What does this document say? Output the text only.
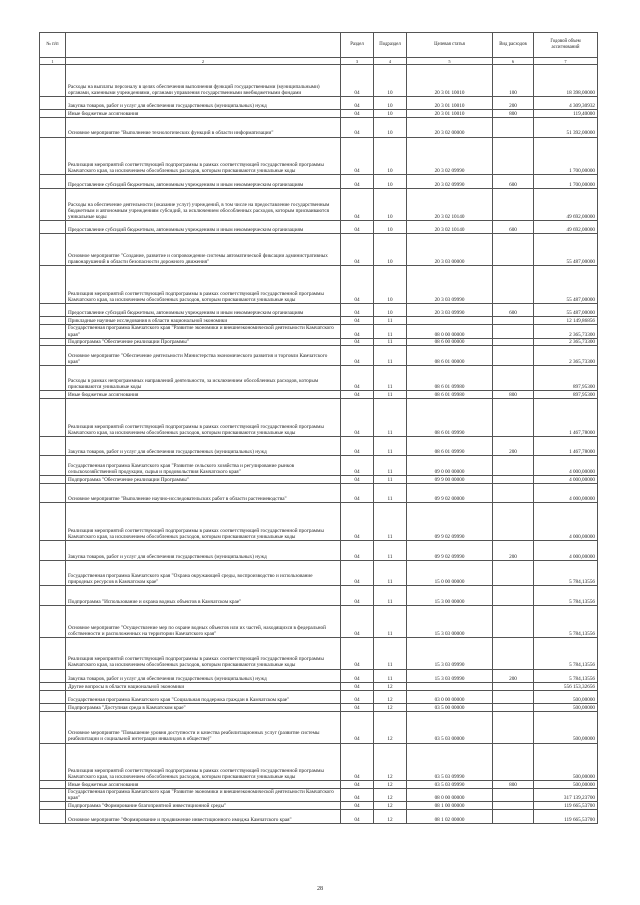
№ п/п		Раздел	Подраздел	Целевая статья	Вид расходов	Годовой объем ассигнований
1	2	3	4	5	6	7
	Расходы на выплаты персоналу в целях обеспечения выполнения функций государственными (муниципальными) органами, казенными учреждениями, органами управления государственными внебюджетными фондами	04	10	20 3 01 10010	100	18 398,00000
	Закупка товаров, работ и услуг для обеспечения государственных (муниципальных) нужд	04	10	20 3 01 10010	200	4 309,30932
	Иные бюджетные ассигнования	04	10	20 3 01 10010	800	119,40000
	Основное мероприятие "Выполнение технологических функций в области информатизации"	04	10	20 3 02 00000		51 392,00000
	Реализация мероприятий соответствующей подпрограммы в рамках соответствующей государственной программы Камчатского края, за исключением обособленных расходов, которым присваиваются уникальные коды	04	10	20 3 02 09990		1 700,00000
	Предоставление субсидий бюджетным, автономным учреждениям и иным некоммерческим организациям	04	10	20 3 02 09990	600	1 700,00000
	Расходы на обеспечение деятельности (оказание услуг) учреждений, в том числе на предоставление государственным бюджетным и автономным учреждениям субсидий, за исключением обособленных расходов, которым присваиваются уникальные коды	04	10	20 3 02 10140		49 692,00000
	Предоставление субсидий бюджетным, автономным учреждениям и иным некоммерческим организациям	04	10	20 3 02 10140	600	49 692,00000
	Основное мероприятие "Создание, развитие и сопровождение системы автоматической фиксации административных правонарушений в области безопасности дорожного движения"	04	10	20 3 03 00000		55 487,00000
	Реализация мероприятий соответствующей подпрограммы в рамках соответствующей государственной программы Камчатского края, за исключением обособленных расходов, которым присваиваются уникальные коды	04	10	20 3 03 09990		55 487,00000
	Предоставление субсидий бюджетным, автономным учреждениям и иным некоммерческим организациям	04	10	20 3 03 09990	600	55 487,00000
	Прикладные научные исследования в области национальной экономики	04	11			12 149,86856
	Государственная программа Камчатского края "Развитие экономики и внешнеэкономической деятельности Камчатского края"	04	11	08 0 00 00000		2 365,73300
	Подпрограмма "Обеспечение реализации Программы"	04	11	08 6 00 00000		2 365,73300
	Основное мероприятие "Обеспечение деятельности Министерства экономического развития и торговли Камчатского края"	04	11	08 6 01 00000		2 365,73300
	Расходы в рамках непрограммных направлений деятельности, за исключением обособленных расходов, которым присваиваются уникальные коды	04	11	08 6 01 09980		897,95300
	Иные бюджетные ассигнования	04	11	08 6 01 09980	800	897,95300
	Реализация мероприятий соответствующей подпрограммы в рамках соответствующей государственной программы Камчатского края, за исключением обособленных расходов, которым присваиваются уникальные коды	04	11	08 6 01 09990		1 467,78000
	Закупка товаров, работ и услуг для обеспечения государственных (муниципальных) нужд	04	11	08 6 01 09990	200	1 467,78000
	Государственная программа Камчатского края "Развитие сельского хозяйства и регулирование рынков сельскохозяйственной продукции, сырья и продовольствия Камчатского края"	04	11	09 0 00 00000		4 000,00000
	Подпрограмма "Обеспечение реализации Программы"	04	11	09 9 00 00000		4 000,00000
	Основное мероприятие "Выполнение научно-исследовательских работ в области растениеводства"	04	11	09 9 02 00000		4 000,00000
	Реализация мероприятий соответствующей подпрограммы в рамках соответствующей государственной программы Камчатского края, за исключением обособленных расходов, которым присваиваются уникальные коды	04	11	09 9 02 09990		4 000,00000
	Закупка товаров, работ и услуг для обеспечения государственных (муниципальных) нужд	04	11	09 9 02 09990	200	4 000,00000
	Государственная программа Камчатского края "Охрана окружающей среды, воспроизводство и использование природных ресурсов в Камчатском крае"	04	11	15 0 00 00000		5 784,13556
	Подпрограмма "Использование и охрана водных объектов в Камчатском крае"	04	11	15 3 00 00000		5 784,13556
	Основное мероприятие "Осуществление мер по охране водных объектов или их частей, находящихся в федеральной собственности и расположенных на территории Камчатского края"	04	11	15 3 03 00000		5 784,13556
	Реализация мероприятий соответствующей подпрограммы в рамках соответствующей государственной программы Камчатского края, за исключением обособленных расходов, которым присваиваются уникальные коды	04	11	15 3 03 09990		5 784,13556
	Закупка товаров, работ и услуг для обеспечения государственных (муниципальных) нужд	04	11	15 3 03 09990	200	5 784,13556
	Другие вопросы в области национальной экономики	04	12			556 153,32656
	Государственная программа Камчатского края "Социальная поддержка граждан в Камчатском крае"	04	12	03 0 00 00000		500,00000
	Подпрограмма "Доступная среда в Камчатском крае"	04	12	03 5 00 00000		500,00000
	Основное мероприятие "Повышение уровня доступности и качества реабилитационных услуг (развитие системы реабилитации и социальной интеграции инвалидов в обществе)"	04	12	03 5 03 00000		500,00000
	Реализация мероприятий соответствующей подпрограммы в рамках соответствующей государственной программы Камчатского края, за исключением обособленных расходов, которым присваиваются уникальные коды	04	12	03 5 03 09990		500,00000
	Иные бюджетные ассигнования	04	12	03 5 03 09990	800	500,00000
	Государственная программа Камчатского края "Развитие экономики и внешнеэкономической деятельности Камчатского края"	04	12	08 0 00 00000		317 139,23700
	Подпрограмма "Формирование благоприятной инвестиционной среды"	04	12	08 1 00 00000		119 665,53700
	Основное мероприятие "Формирование и продвижение инвестиционного имиджа Камчатского края"	04	12	08 1 02 00000		119 665,53700
28
